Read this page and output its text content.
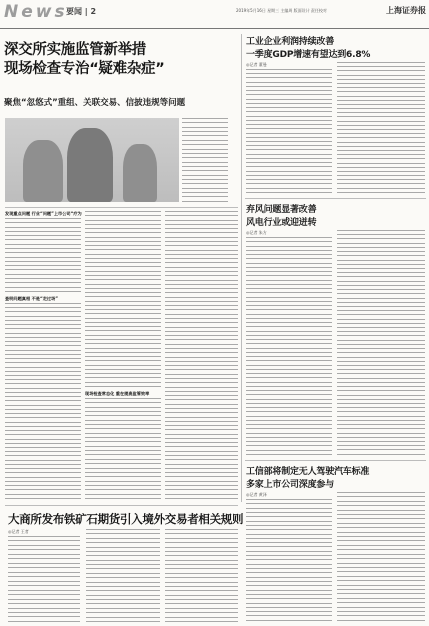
News
要闻 | 2	2019年5月16日 星期三 主编周 版面设计 责任校对	上海证券报
深交所实施监管新举措
现场检查专治“疑难杂症”
聚焦“忽悠式”重组、关联交易、信披违规等问题
发现重点问题 行业“问题”上市公司“疗为
查明问题真相 不是“走过场”
现场检查常态化 重在提高监管效率
工业企业利润持续改善
一季度GDP增速有望达到6.8%
◎记者 董曼
弃风问题显著改善
风电行业或迎迸转
◎记者 朱方
工信部将制定无人驾驶汽车标准
多家上市公司深度参与
◎记者 黄泽
大商所发布铁矿石期货引入境外交易者相关规则
◎记者 王者
